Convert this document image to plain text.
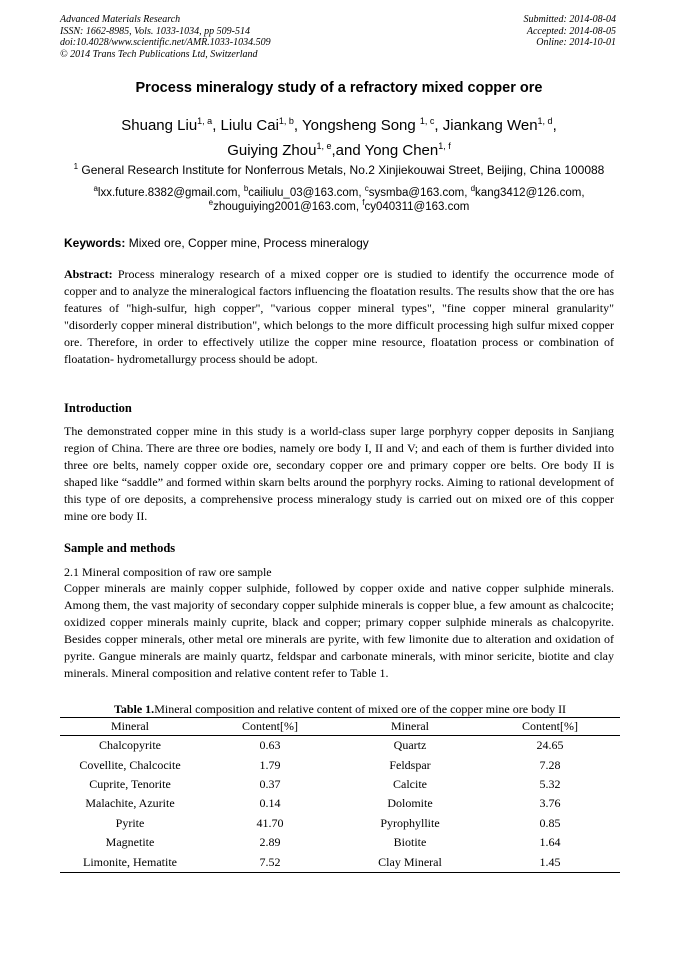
Advanced Materials Research
ISSN: 1662-8985, Vols. 1033-1034, pp 509-514
doi:10.4028/www.scientific.net/AMR.1033-1034.509
© 2014 Trans Tech Publications Ltd, Switzerland
Submitted: 2014-08-04
Accepted: 2014-08-05
Online: 2014-10-01
Process mineralogy study of a refractory mixed copper ore
Shuang Liu$^{1, a}$, Liulu Cai$^{1, b}$, Yongsheng Song $^{1, c}$, Jiankang Wen$^{1, d}$,
Guiying Zhou$^{1, e}$,and Yong Chen$^{1, f}$
$^1$ General Research Institute for Nonferrous Metals, No.2 Xinjiekouwai Street, Beijing, China 100088
$^a$lxx.future.8382@gmail.com, $^b$cailiulu_03@163.com, $^c$sysmba@163.com, $^d$kang3412@126.com,
$^e$zhouguiying2001@163.com, $^f$cy040311@163.com
Keywords: Mixed ore, Copper mine, Process mineralogy
Abstract: Process mineralogy research of a mixed copper ore is studied to identify the occurrence mode of copper and to analyze the mineralogical factors influencing the floatation results. The results show that the ore has features of "high-sulfur, high copper", "various copper mineral types", "fine copper mineral granularity" "disorderly copper mineral distribution", which belongs to the more difficult processing high sulfur mixed copper ore. Therefore, in order to effectively utilize the copper mine resource, floatation process or combination of floatation- hydrometallurgy process should be adopt.
Introduction
The demonstrated copper mine in this study is a world-class super large porphyry copper deposits in Sanjiang region of China. There are three ore bodies, namely ore body I, II and V; and each of them is further divided into three ore belts, namely copper oxide ore, secondary copper ore and primary copper ore belts. Ore body II is shaped like “saddle” and formed within skarn belts around the porphyry rocks. Aiming to rational development of this type of ore deposits, a comprehensive process mineralogy study is carried out on mixed ore of this copper mine ore body II.
Sample and methods
2.1 Mineral composition of raw ore sample
Copper minerals are mainly copper sulphide, followed by copper oxide and native copper sulphide minerals. Among them, the vast majority of secondary copper sulphide minerals is copper blue, a few amount as chalcocite; oxidized copper minerals mainly cuprite, black and copper; primary copper sulphide minerals as chalcopyrite. Besides copper minerals, other metal ore minerals are pyrite, with few limonite due to alteration and oxidation of pyrite. Gangue minerals are mainly quartz, feldspar and carbonate minerals, with minor sericite, biotite and clay minerals. Mineral composition and relative content refer to Table 1.
Table 1.Mineral composition and relative content of mixed ore of the copper mine ore body II
Mineral	Content[%]	Mineral	Content[%]
Chalcopyrite	0.63	Quartz	24.65
Covellite, Chalcocite	1.79	Feldspar	7.28
Cuprite, Tenorite	0.37	Calcite	5.32
Malachite, Azurite	0.14	Dolomite	3.76
Pyrite	41.70	Pyrophyllite	0.85
Magnetite	2.89	Biotite	1.64
Limonite, Hematite	7.52	Clay Mineral	1.45
